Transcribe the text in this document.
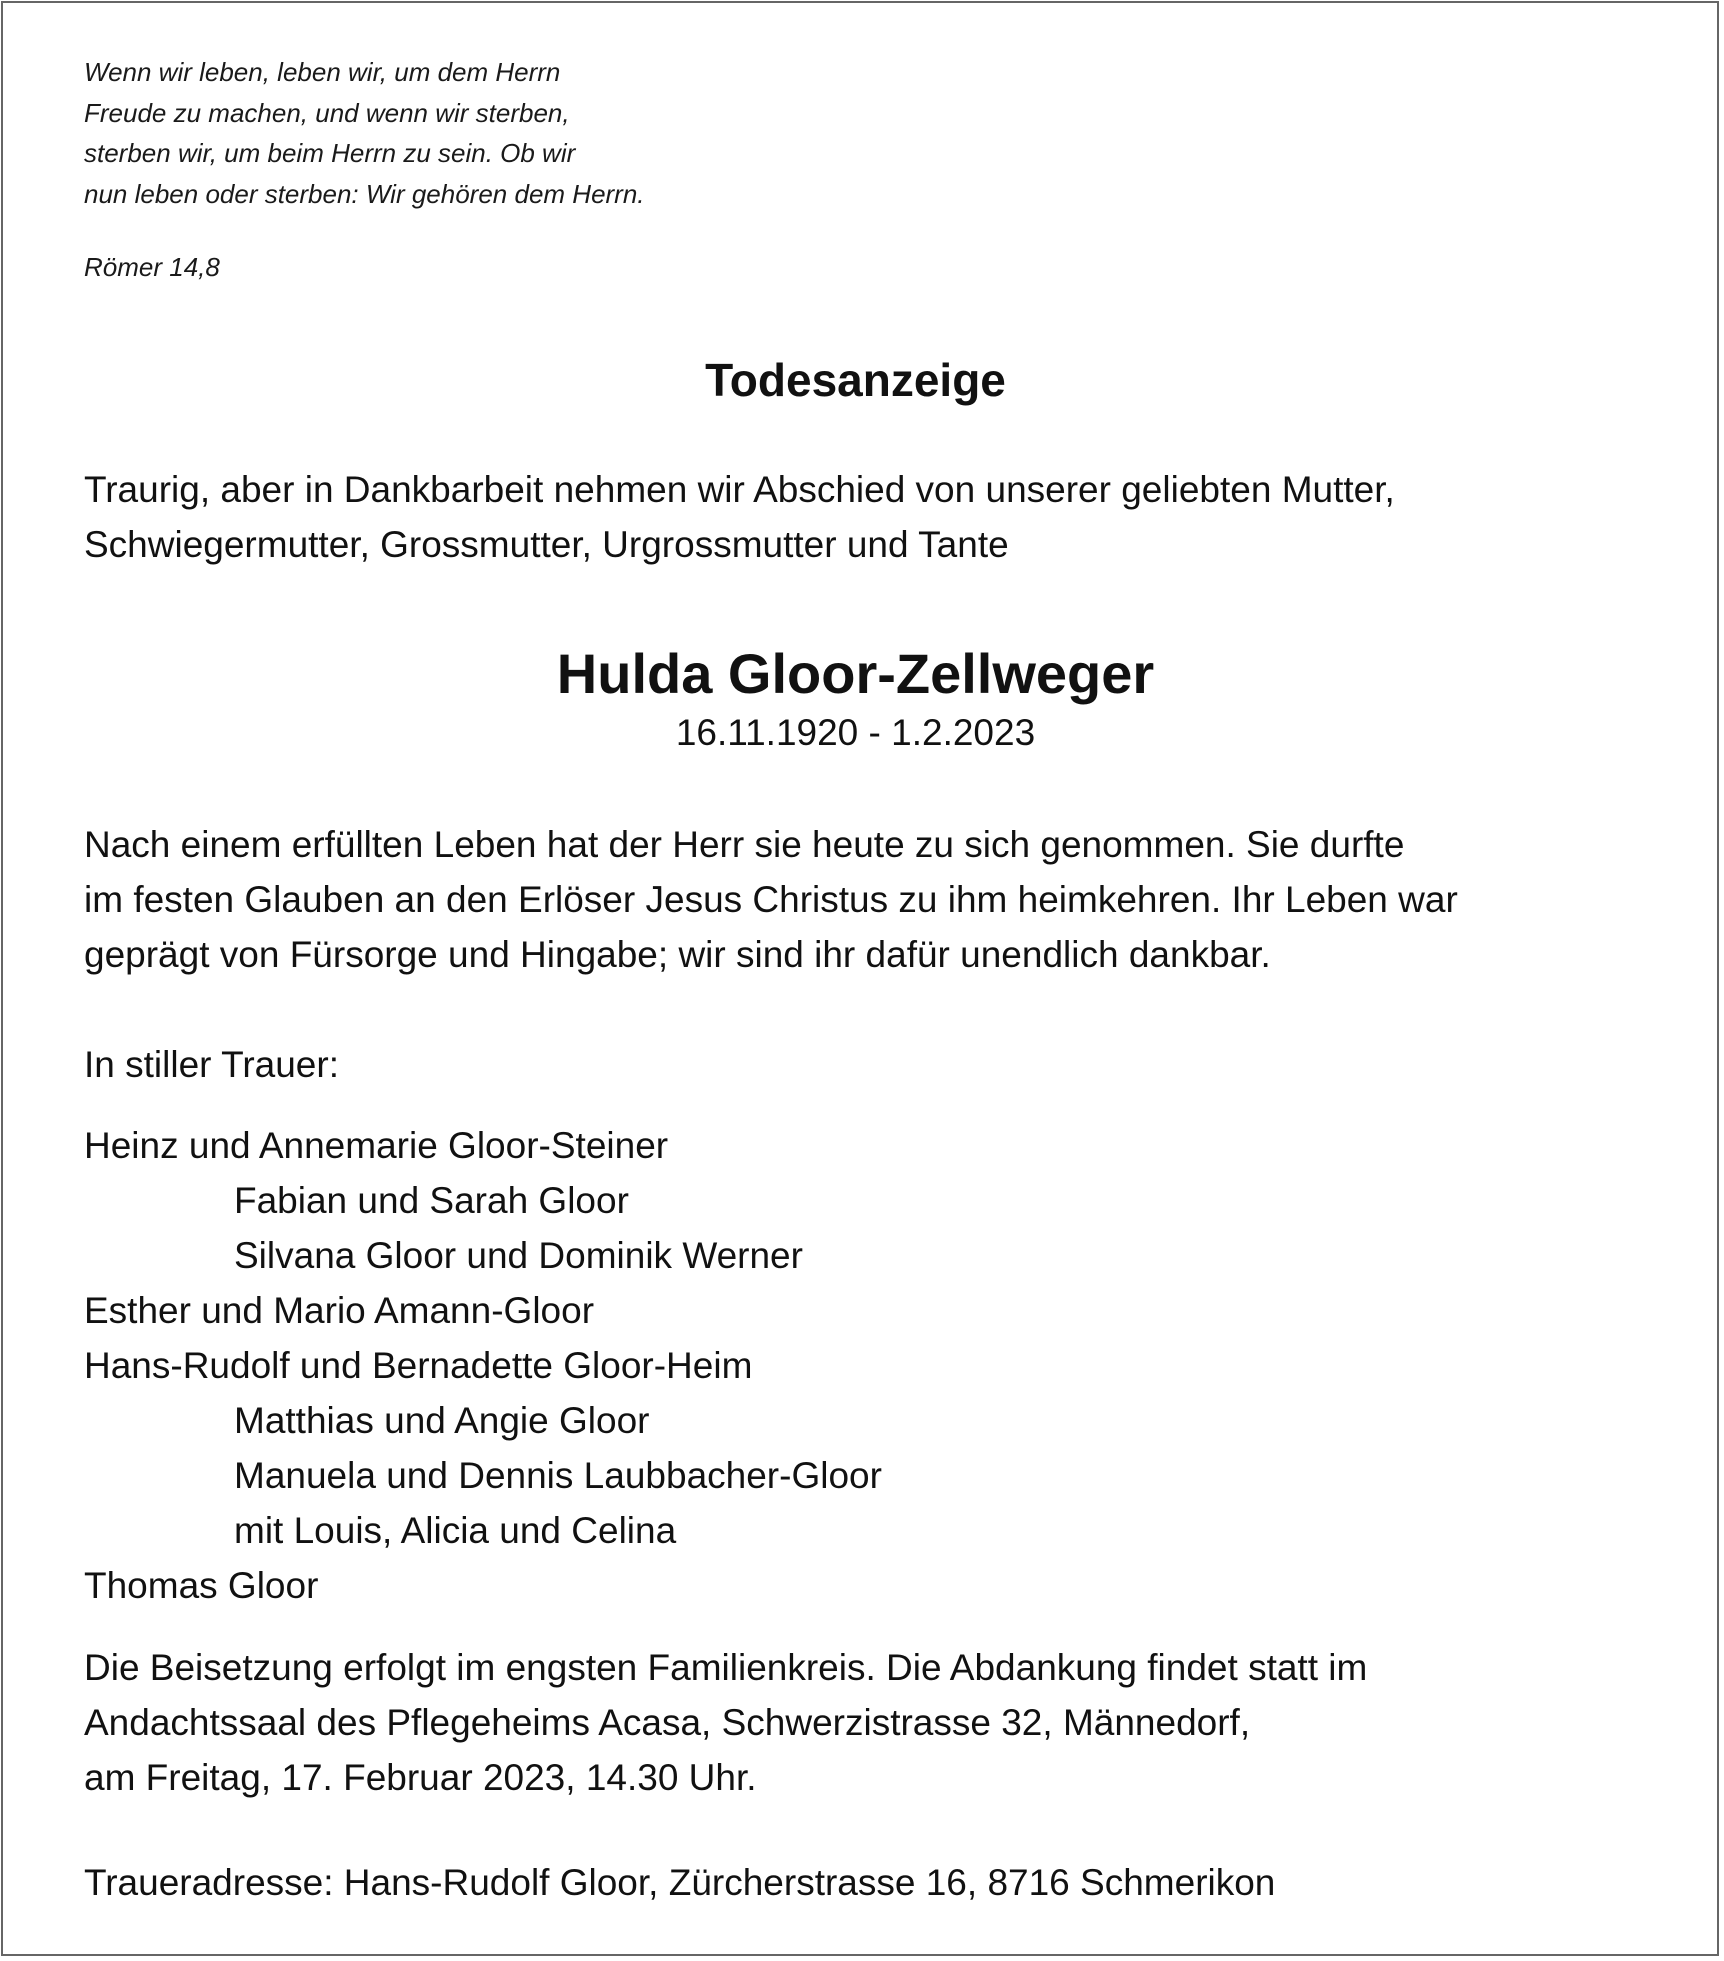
Wenn wir leben, leben wir, um dem Herrn
Freude zu machen, und wenn wir sterben,
sterben wir, um beim Herrn zu sein. Ob wir
nun leben oder sterben: Wir gehören dem Herrn.
Römer 14,8
Todesanzeige
Traurig, aber in Dankbarbeit nehmen wir Abschied von unserer geliebten Mutter,
Schwiegermutter, Grossmutter, Urgrossmutter und Tante
Hulda Gloor-Zellweger
16.11.1920 - 1.2.2023
Nach einem erfüllten Leben hat der Herr sie heute zu sich genommen. Sie durfte
im festen Glauben an den Erlöser Jesus Christus zu ihm heimkehren. Ihr Leben war
geprägt von Fürsorge und Hingabe; wir sind ihr dafür unendlich dankbar.
In stiller Trauer:
Heinz und Annemarie Gloor-Steiner
Fabian und Sarah Gloor
Silvana Gloor und Dominik Werner
Esther und Mario Amann-Gloor
Hans-Rudolf und Bernadette Gloor-Heim
Matthias und Angie Gloor
Manuela und Dennis Laubbacher-Gloor
mit Louis, Alicia und Celina
Thomas Gloor
Die Beisetzung erfolgt im engsten Familienkreis. Die Abdankung findet statt im
Andachtssaal des Pflegeheims Acasa, Schwerzistrasse 32, Männedorf,
am Freitag, 17. Februar 2023, 14.30 Uhr.
Traueradresse: Hans-Rudolf Gloor, Zürcherstrasse 16, 8716 Schmerikon
